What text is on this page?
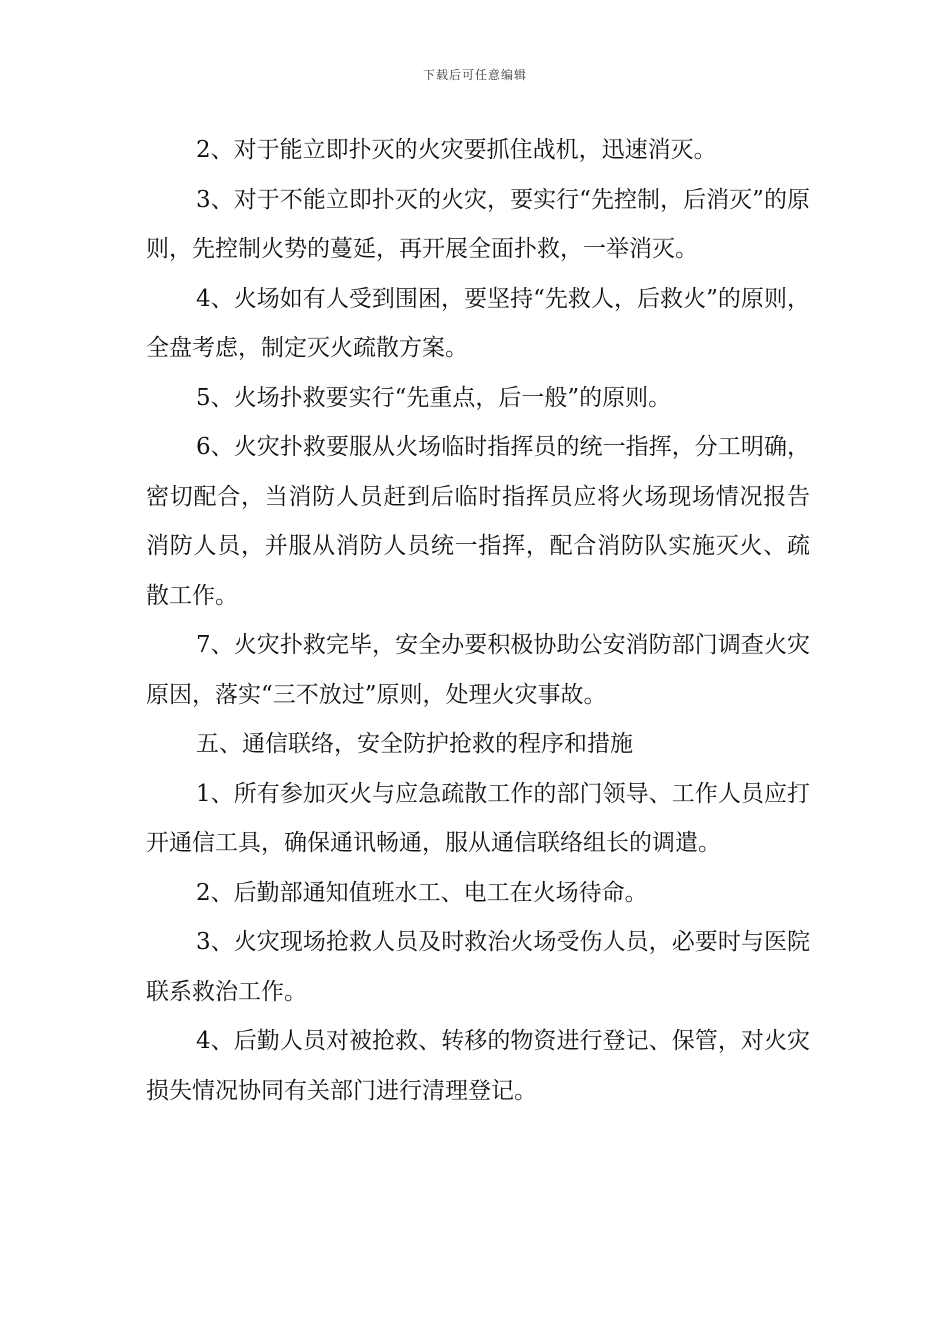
下载后可任意编辑

2、对于能立即扑灭的火灾要抓住战机，迅速消灭。

3、对于不能立即扑灭的火灾，要实行“先控制，后消灭”的原则，先控制火势的蔓延，再开展全面扑救，一举消灭。

4、火场如有人受到围困，要坚持“先救人，后救火”的原则，全盘考虑，制定灭火疏散方案。

5、火场扑救要实行“先重点，后一般”的原则。

6、火灾扑救要服从火场临时指挥员的统一指挥，分工明确，密切配合，当消防人员赶到后临时指挥员应将火场现场情况报告消防人员，并服从消防人员统一指挥，配合消防队实施灭火、疏散工作。

7、火灾扑救完毕，安全办要积极协助公安消防部门调查火灾原因，落实“三不放过”原则，处理火灾事故。

五、通信联络，安全防护抢救的程序和措施

1、所有参加灭火与应急疏散工作的部门领导、工作人员应打开通信工具，确保通讯畅通，服从通信联络组长的调遣。

2、后勤部通知值班水工、电工在火场待命。

3、火灾现场抢救人员及时救治火场受伤人员，必要时与医院联系救治工作。

4、后勤人员对被抢救、转移的物资进行登记、保管，对火灾损失情况协同有关部门进行清理登记。
